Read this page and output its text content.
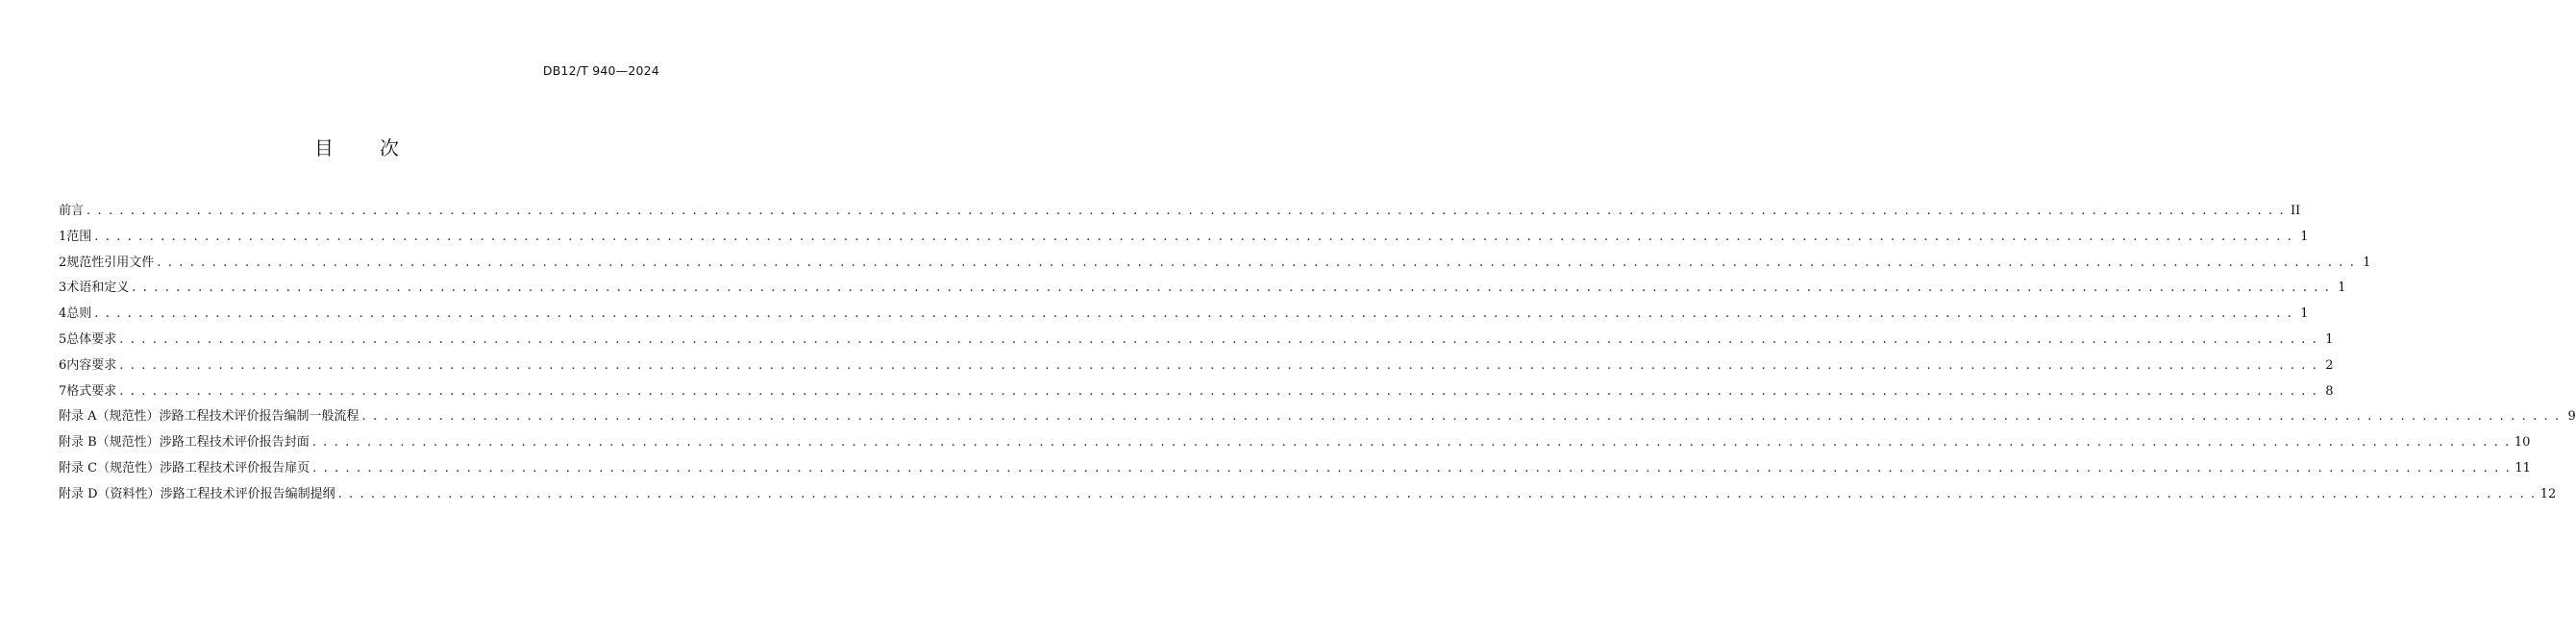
DB12/T 940—2024
目次
前言 . . . . . . . . . . . . . . . . . . . . . . . . . . . . . . . . . . . . . . . . . . . . . . . . . . . . . . . . . . . . . . . . . . . . . . . . . . . . . . . . . . . . . . . . . . . . . . . . . . . . . . . . . . . . . . . . . . . . . . . . . . . . . . . . . . . . . . . . . . . . . . . . . . . . . . . . . . . . . . . . . . . . . . . . . . . . . . . . . . . . . . . . . . . . . . . . . . . . . . . . II
1 范围 . . . . . . . . . . . . . . . . . . . . . . . . . . . . . . . . . . . . . . . . . . . . . . . . . . . . . . . . . . . . . . . . . . . . . . . . . . . . . . . . . . . . . . . . . . . . . . . . . . . . . . . . . . . . . . . . . . . . . . . . . . . . . . . . . . . . . . . . . . . . . . . . . . . . . . . . . . . . . . . . . . . . . . . . . . . . . . . . . . . . . . . . . . . . . . . . . . . . . . . . 1
2 规范性引用文件 . . . . . . . . . . . . . . . . . . . . . . . . . . . . . . . . . . . . . . . . . . . . . . . . . . . . . . . . . . . . . . . . . . . . . . . . . . . . . . . . . . . . . . . . . . . . . . . . . . . . . . . . . . . . . . . . . . . . . . . . . . . . . . . . . . . . . . . . . . . . . . . . . . . . . . . . . . . . . . . . . . . . . . . . . . . . . . . . . . . . . . . . . . . . . . . . . . . . . . . . 1
3 术语和定义 . . . . . . . . . . . . . . . . . . . . . . . . . . . . . . . . . . . . . . . . . . . . . . . . . . . . . . . . . . . . . . . . . . . . . . . . . . . . . . . . . . . . . . . . . . . . . . . . . . . . . . . . . . . . . . . . . . . . . . . . . . . . . . . . . . . . . . . . . . . . . . . . . . . . . . . . . . . . . . . . . . . . . . . . . . . . . . . . . . . . . . . . . . . . . . . . . . . . . . . . 1
4 总则 . . . . . . . . . . . . . . . . . . . . . . . . . . . . . . . . . . . . . . . . . . . . . . . . . . . . . . . . . . . . . . . . . . . . . . . . . . . . . . . . . . . . . . . . . . . . . . . . . . . . . . . . . . . . . . . . . . . . . . . . . . . . . . . . . . . . . . . . . . . . . . . . . . . . . . . . . . . . . . . . . . . . . . . . . . . . . . . . . . . . . . . . . . . . . . . . . . . . . . . . 1
5 总体要求 . . . . . . . . . . . . . . . . . . . . . . . . . . . . . . . . . . . . . . . . . . . . . . . . . . . . . . . . . . . . . . . . . . . . . . . . . . . . . . . . . . . . . . . . . . . . . . . . . . . . . . . . . . . . . . . . . . . . . . . . . . . . . . . . . . . . . . . . . . . . . . . . . . . . . . . . . . . . . . . . . . . . . . . . . . . . . . . . . . . . . . . . . . . . . . . . . . . . . . . . 1
6 内容要求 . . . . . . . . . . . . . . . . . . . . . . . . . . . . . . . . . . . . . . . . . . . . . . . . . . . . . . . . . . . . . . . . . . . . . . . . . . . . . . . . . . . . . . . . . . . . . . . . . . . . . . . . . . . . . . . . . . . . . . . . . . . . . . . . . . . . . . . . . . . . . . . . . . . . . . . . . . . . . . . . . . . . . . . . . . . . . . . . . . . . . . . . . . . . . . . . . . . . . . . . 2
7 格式要求 . . . . . . . . . . . . . . . . . . . . . . . . . . . . . . . . . . . . . . . . . . . . . . . . . . . . . . . . . . . . . . . . . . . . . . . . . . . . . . . . . . . . . . . . . . . . . . . . . . . . . . . . . . . . . . . . . . . . . . . . . . . . . . . . . . . . . . . . . . . . . . . . . . . . . . . . . . . . . . . . . . . . . . . . . . . . . . . . . . . . . . . . . . . . . . . . . . . . . . . . 8
附录 A（规范性） 涉路工程技术评价报告编制一般流程 . . . . . . . . . . . . . . . . . . . . . . . . . . . . . . . . . . . . . . . . . . . . . . . . . . . . . . . . . . . . . . . . . . . . . . . . . . . . . . . . . . . . . . . . . . . . . . . . . . . . . . . . . . . . . . . . . . . . . . . . . . . . . . . . . . . . . . . . . . . . . . . . . . . . . . . . . . . . . . . . . . . . . . . . . . . . . . . . . . . . . . . . . . . . . . . . . . . . . . . . 9
附录 B（规范性） 涉路工程技术评价报告封面 . . . . . . . . . . . . . . . . . . . . . . . . . . . . . . . . . . . . . . . . . . . . . . . . . . . . . . . . . . . . . . . . . . . . . . . . . . . . . . . . . . . . . . . . . . . . . . . . . . . . . . . . . . . . . . . . . . . . . . . . . . . . . . . . . . . . . . . . . . . . . . . . . . . . . . . . . . . . . . . . . . . . . . . . . . . . . . . . . . . . . . . . . . . . . . . . . . . . . . . . 10
附录 C（规范性） 涉路工程技术评价报告扉页 . . . . . . . . . . . . . . . . . . . . . . . . . . . . . . . . . . . . . . . . . . . . . . . . . . . . . . . . . . . . . . . . . . . . . . . . . . . . . . . . . . . . . . . . . . . . . . . . . . . . . . . . . . . . . . . . . . . . . . . . . . . . . . . . . . . . . . . . . . . . . . . . . . . . . . . . . . . . . . . . . . . . . . . . . . . . . . . . . . . . . . . . . . . . . . . . . . . . . . . . 11
附录 D（资料性） 涉路工程技术评价报告编制提纲 . . . . . . . . . . . . . . . . . . . . . . . . . . . . . . . . . . . . . . . . . . . . . . . . . . . . . . . . . . . . . . . . . . . . . . . . . . . . . . . . . . . . . . . . . . . . . . . . . . . . . . . . . . . . . . . . . . . . . . . . . . . . . . . . . . . . . . . . . . . . . . . . . . . . . . . . . . . . . . . . . . . . . . . . . . . . . . . . . . . . . . . . . . . . . . . . . . . . . . . . 12
